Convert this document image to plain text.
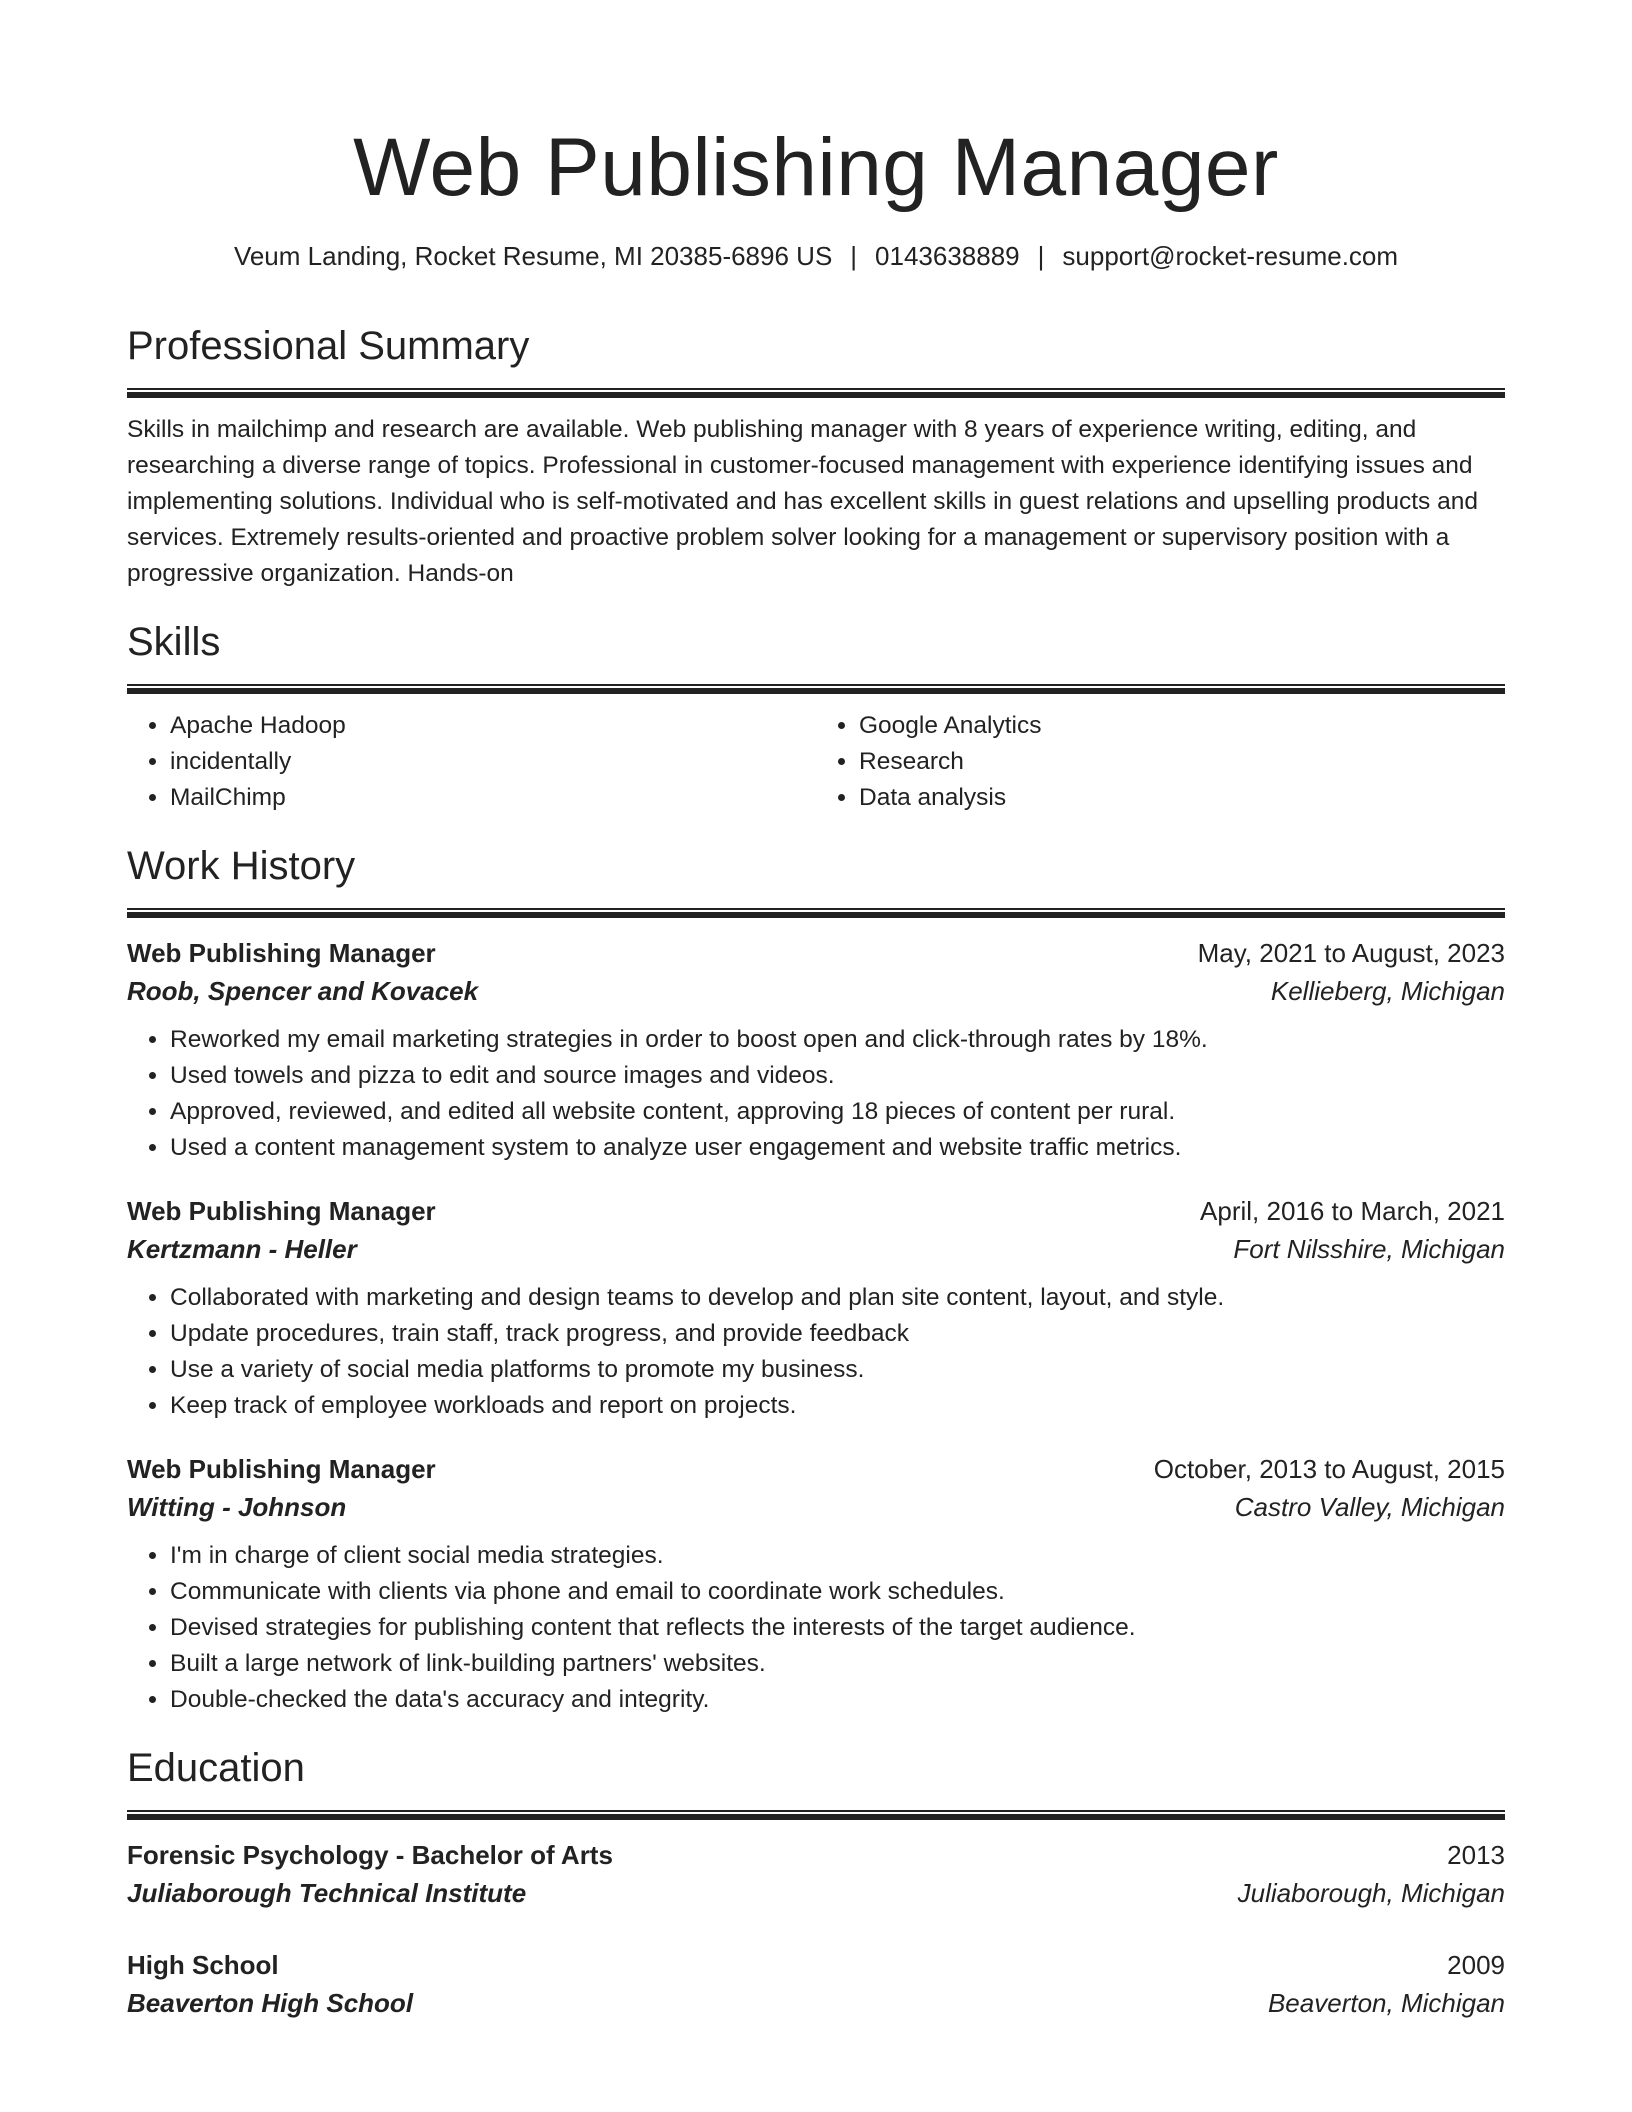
Web Publishing Manager
Veum Landing, Rocket Resume, MI 20385-6896 US | 0143638889 | support@rocket-resume.com
Professional Summary
Skills in mailchimp and research are available. Web publishing manager with 8 years of experience writing, editing, and researching a diverse range of topics. Professional in customer-focused management with experience identifying issues and implementing solutions. Individual who is self-motivated and has excellent skills in guest relations and upselling products and services. Extremely results-oriented and proactive problem solver looking for a management or supervisory position with a progressive organization. Hands-on
Skills
• Apache Hadoop
• incidentally
• MailChimp
• Google Analytics
• Research
• Data analysis
Work History
Web Publishing Manager	May, 2021 to August, 2023
Roob, Spencer and Kovacek	Kellieberg, Michigan
• Reworked my email marketing strategies in order to boost open and click-through rates by 18%.
• Used towels and pizza to edit and source images and videos.
• Approved, reviewed, and edited all website content, approving 18 pieces of content per rural.
• Used a content management system to analyze user engagement and website traffic metrics.
Web Publishing Manager	April, 2016 to March, 2021
Kertzmann - Heller	Fort Nilsshire, Michigan
• Collaborated with marketing and design teams to develop and plan site content, layout, and style.
• Update procedures, train staff, track progress, and provide feedback
• Use a variety of social media platforms to promote my business.
• Keep track of employee workloads and report on projects.
Web Publishing Manager	October, 2013 to August, 2015
Witting - Johnson	Castro Valley, Michigan
• I'm in charge of client social media strategies.
• Communicate with clients via phone and email to coordinate work schedules.
• Devised strategies for publishing content that reflects the interests of the target audience.
• Built a large network of link-building partners' websites.
• Double-checked the data's accuracy and integrity.
Education
Forensic Psychology - Bachelor of Arts	2013
Juliaborough Technical Institute	Juliaborough, Michigan
High School	2009
Beaverton High School	Beaverton, Michigan
